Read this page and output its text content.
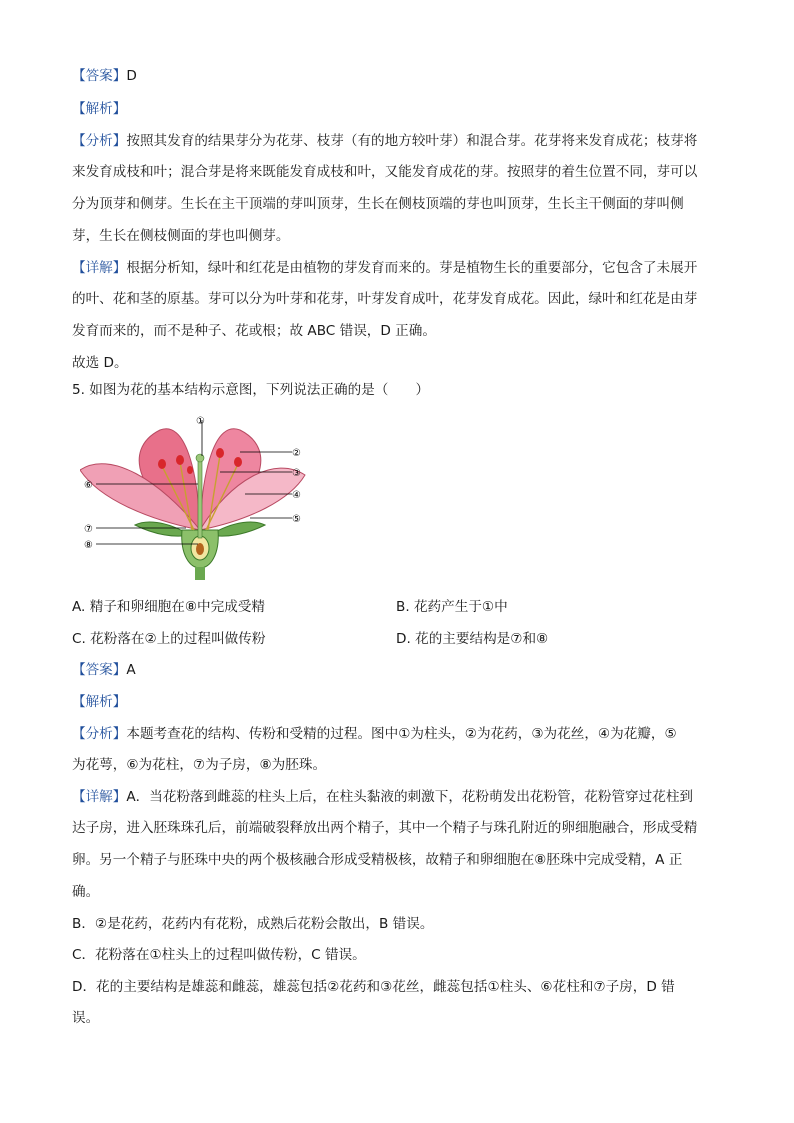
【答案】D
【解析】
【分析】按照其发育的结果芽分为花芽、枝芽（有的地方较叶芽）和混合芽。花芽将来发育成花；枝芽将
来发育成枝和叶；混合芽是将来既能发育成枝和叶，又能发育成花的芽。按照芽的着生位置不同，芽可以
分为顶芽和侧芽。生长在主干顶端的芽叫顶芽，生长在侧枝顶端的芽也叫顶芽，生长主干侧面的芽叫侧
芽，生长在侧枝侧面的芽也叫侧芽。
【详解】根据分析知，绿叶和红花是由植物的芽发育而来的。芽是植物生长的重要部分，它包含了未展开
的叶、花和茎的原基。芽可以分为叶芽和花芽，叶芽发育成叶，花芽发育成花。因此，绿叶和红花是由芽
发育而来的，而不是种子、花或根；故 ABC 错误，D 正确。
故选 D。
5. 如图为花的基本结构示意图，下列说法正确的是（　　）
①
②
③
④
⑤
⑥
⑦
⑧
A. 精子和卵细胞在⑧中完成受精	B. 花药产生于①中
C. 花粉落在②上的过程叫做传粉	D. 花的主要结构是⑦和⑧
【答案】A
【解析】
【分析】本题考查花的结构、传粉和受精的过程。图中①为柱头，②为花药，③为花丝，④为花瓣，⑤
为花萼，⑥为花柱，⑦为子房，⑧为胚珠。
【详解】A．当花粉落到雌蕊的柱头上后，在柱头黏液的刺激下，花粉萌发出花粉管，花粉管穿过花柱到
达子房，进入胚珠珠孔后，前端破裂释放出两个精子，其中一个精子与珠孔附近的卵细胞融合，形成受精
卵。另一个精子与胚珠中央的两个极核融合形成受精极核，故精子和卵细胞在⑧胚珠中完成受精，A 正
确。
B．②是花药，花药内有花粉，成熟后花粉会散出，B 错误。
C．花粉落在①柱头上的过程叫做传粉，C 错误。
D．花的主要结构是雄蕊和雌蕊，雄蕊包括②花药和③花丝，雌蕊包括①柱头、⑥花柱和⑦子房，D 错
误。
